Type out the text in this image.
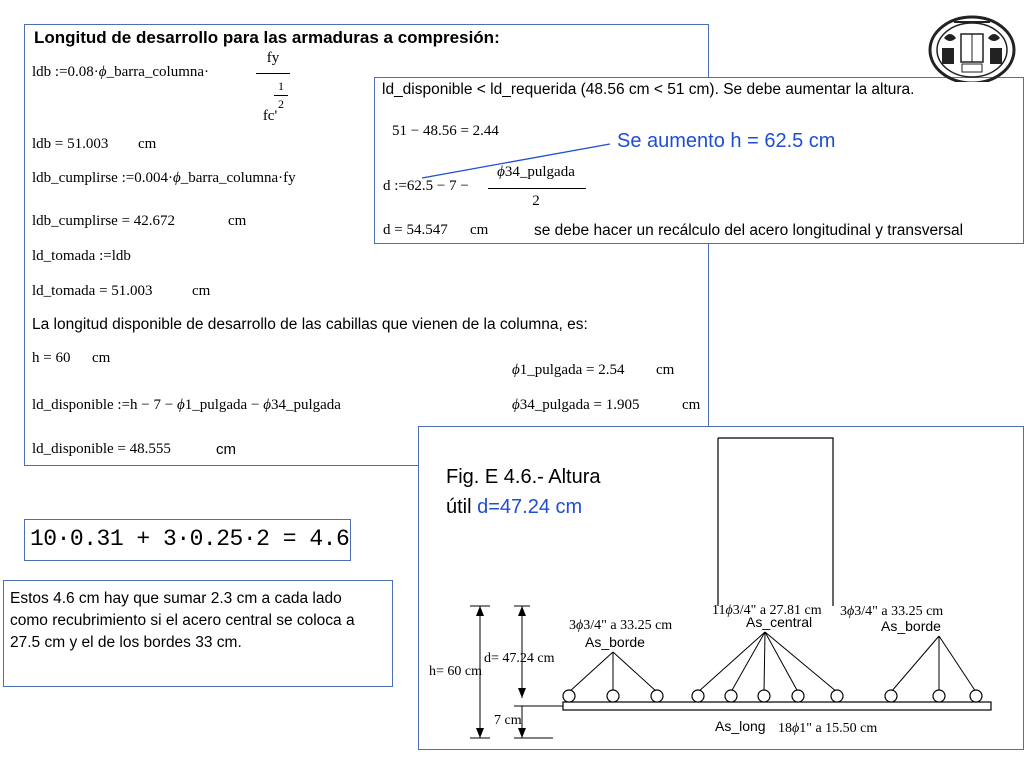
Longitud de desarrollo para las armaduras a compresión:
ldb :=0.08·ϕ_barra_columna·
fy
fc'
1
2
ldb = 51.003 cm
ldb_cumplirse :=0.004·ϕ_barra_columna·fy
ldb_cumplirse = 42.672	cm
ld_tomada :=ldb
ld_tomada = 51.003	cm
La longitud disponible de desarrollo de las cabillas que vienen de la columna, es:
h = 60 cm
ϕ1_pulgada = 2.54 cm
ld_disponible :=h − 7 − ϕ1_pulgada − ϕ34_pulgada	ϕ34_pulgada = 1.905	cm
ld_disponible = 48.555	cm
ld_disponible < ld_requerida (48.56 cm < 51 cm). Se debe aumentar la altura.
51 − 48.56 = 2.44	Se aumento h = 62.5 cm
d :=62.5 − 7 −
ϕ34_pulgada
2
d = 54.547 cm	se debe hacer un recálculo del acero longitudinal y transversal
10·0.31 + 3·0.25·2 = 4.6
Estos 4.6 cm hay que sumar 2.3 cm a cada lado como recubrimiento si el acero central se coloca a 27.5 cm y el de los bordes 33 cm.
Fig. E 4.6.- Altura
útil d=47.24 cm
11ϕ3/4" a 27.81 cm
As_central
3ϕ3/4" a 33.25 cm
As_borde
3ϕ3/4" a 33.25 cm
As_borde
h= 60 cm
d= 47.24 cm
7 cm	As_long 18ϕ1" a 15.50 cm
